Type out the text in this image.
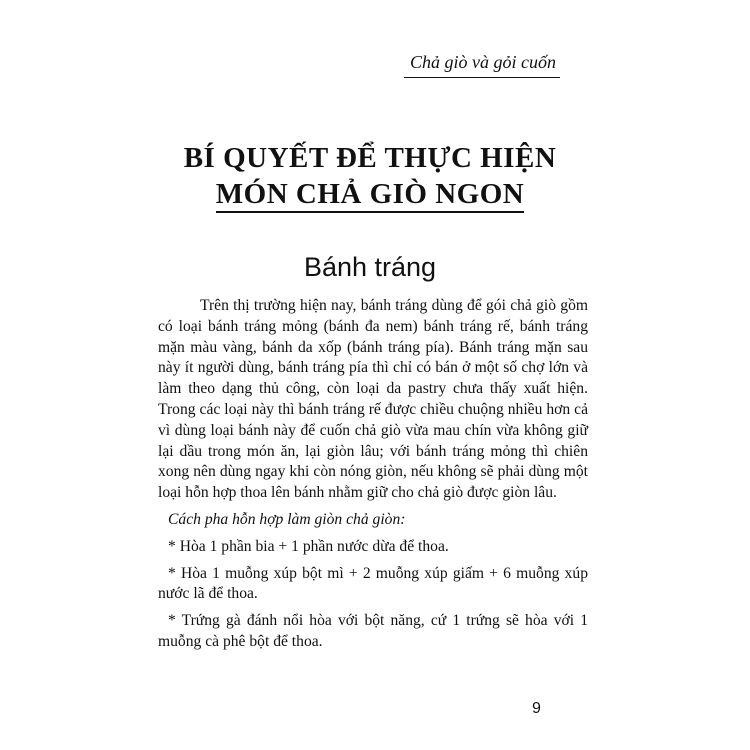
Chả giò và gỏi cuốn
BÍ QUYẾT ĐỂ THỰC HIỆN
MÓN CHẢ GIÒ NGON
Bánh tráng

Trên thị trường hiện nay, bánh tráng dùng để gói chả giò gồm có loại bánh tráng mỏng (bánh đa nem) bánh tráng rế, bánh tráng mặn màu vàng, bánh da xốp (bánh tráng pía). Bánh tráng mặn sau này ít người dùng, bánh tráng pía thì chỉ có bán ở một số chợ lớn và làm theo dạng thủ công, còn loại da pastry chưa thấy xuất hiện. Trong các loại này thì bánh tráng rế được chiều chuộng nhiều hơn cả vì dùng loại bánh này để cuốn chả giò vừa mau chín vừa không giữ lại dầu trong món ăn, lại giòn lâu; với bánh tráng mỏng thì chiên xong nên dùng ngay khi còn nóng giòn, nếu không sẽ phải dùng một loại hỗn hợp thoa lên bánh nhằm giữ cho chả giò được giòn lâu.

Cách pha hỗn hợp làm giòn chả giòn:

* Hòa 1 phần bia + 1 phần nước dừa để thoa.

* Hòa 1 muỗng xúp bột mì + 2 muỗng xúp giấm + 6 muỗng xúp nước lã để thoa.

* Trứng gà đánh nổi hòa với bột năng, cứ 1 trứng sẽ hòa với 1 muỗng cà phê bột để thoa.

9
